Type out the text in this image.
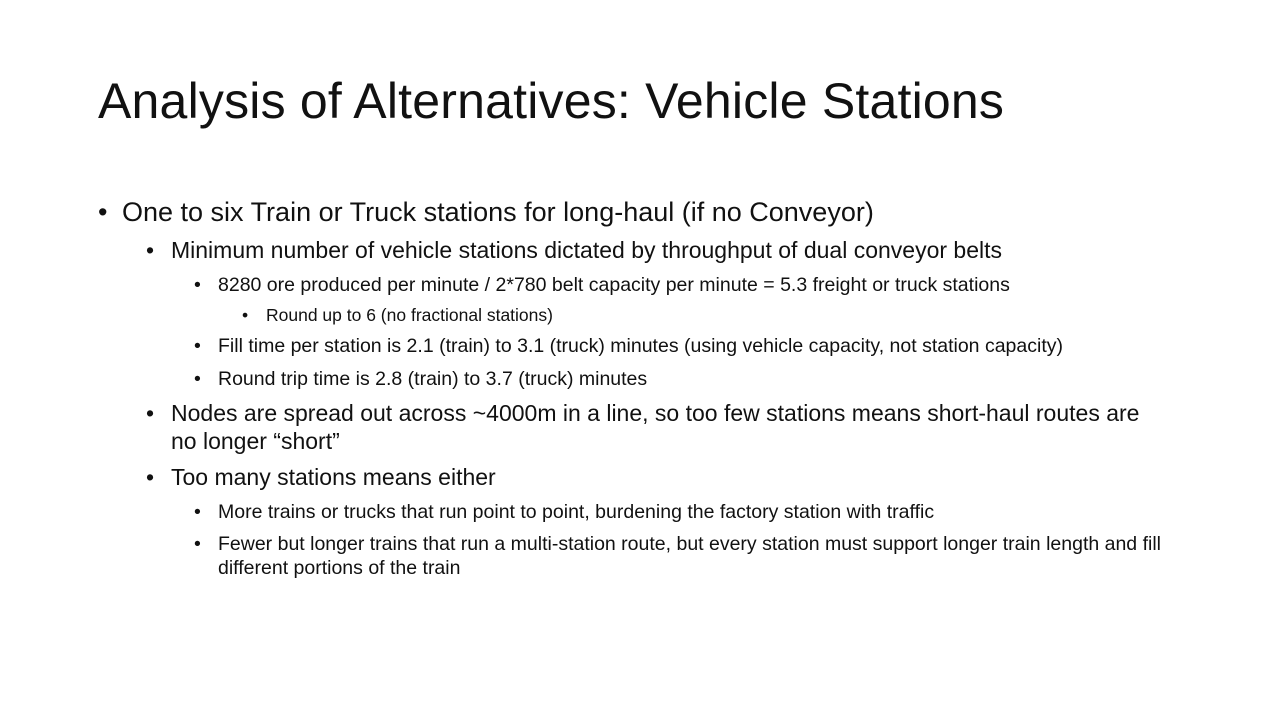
Analysis of Alternatives: Vehicle Stations
• One to six Train or Truck stations for long-haul (if no Conveyor)
• Minimum number of vehicle stations dictated by throughput of dual conveyor belts
• 8280 ore produced per minute / 2*780 belt capacity per minute = 5.3 freight or truck stations
• Round up to 6 (no fractional stations)
• Fill time per station is 2.1 (train) to 3.1 (truck) minutes (using vehicle capacity, not station capacity)
• Round trip time is 2.8 (train) to 3.7 (truck) minutes
• Nodes are spread out across ~4000m in a line, so too few stations means short-haul routes are no longer “short”
• Too many stations means either
• More trains or trucks that run point to point, burdening the factory station with traffic
• Fewer but longer trains that run a multi-station route, but every station must support longer train length and fill different portions of the train
